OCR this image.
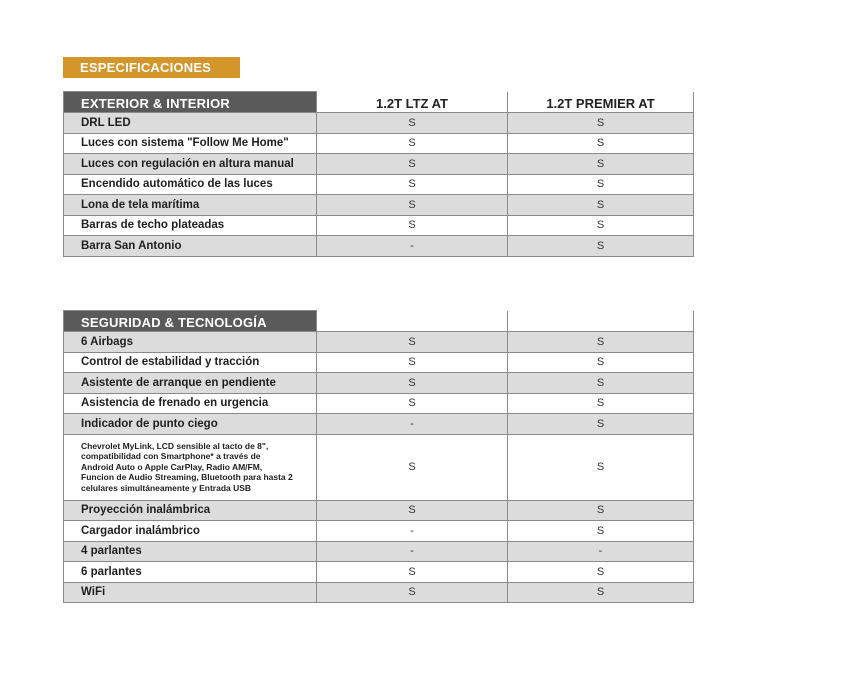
ESPECIFICACIONES
EXTERIOR & INTERIOR	1.2T LTZ AT	1.2T PREMIER AT
DRL LED	S	S
Luces con sistema "Follow Me Home"	S	S
Luces con regulación en altura manual	S	S
Encendido automático de las luces	S	S
Lona de tela marítima	S	S
Barras de techo plateadas	S	S
Barra San Antonio	-	S
SEGURIDAD & TECNOLOGÍA		
6 Airbags	S	S
Control de estabilidad y tracción	S	S
Asistente de arranque en pendiente	S	S
Asistencia de frenado en urgencia	S	S
Indicador de punto ciego	-	S
Chevrolet MyLink, LCD sensible al tacto de 8", compatibilidad con Smartphone* a través de Android Auto o Apple CarPlay, Radio AM/FM, Funcion de Audio Streaming, Bluetooth para hasta 2 celulares simultáneamente y Entrada USB	S	S
Proyección inalámbrica	S	S
Cargador inalámbrico	-	S
4 parlantes	-	-
6 parlantes	S	S
WiFi	S	S
